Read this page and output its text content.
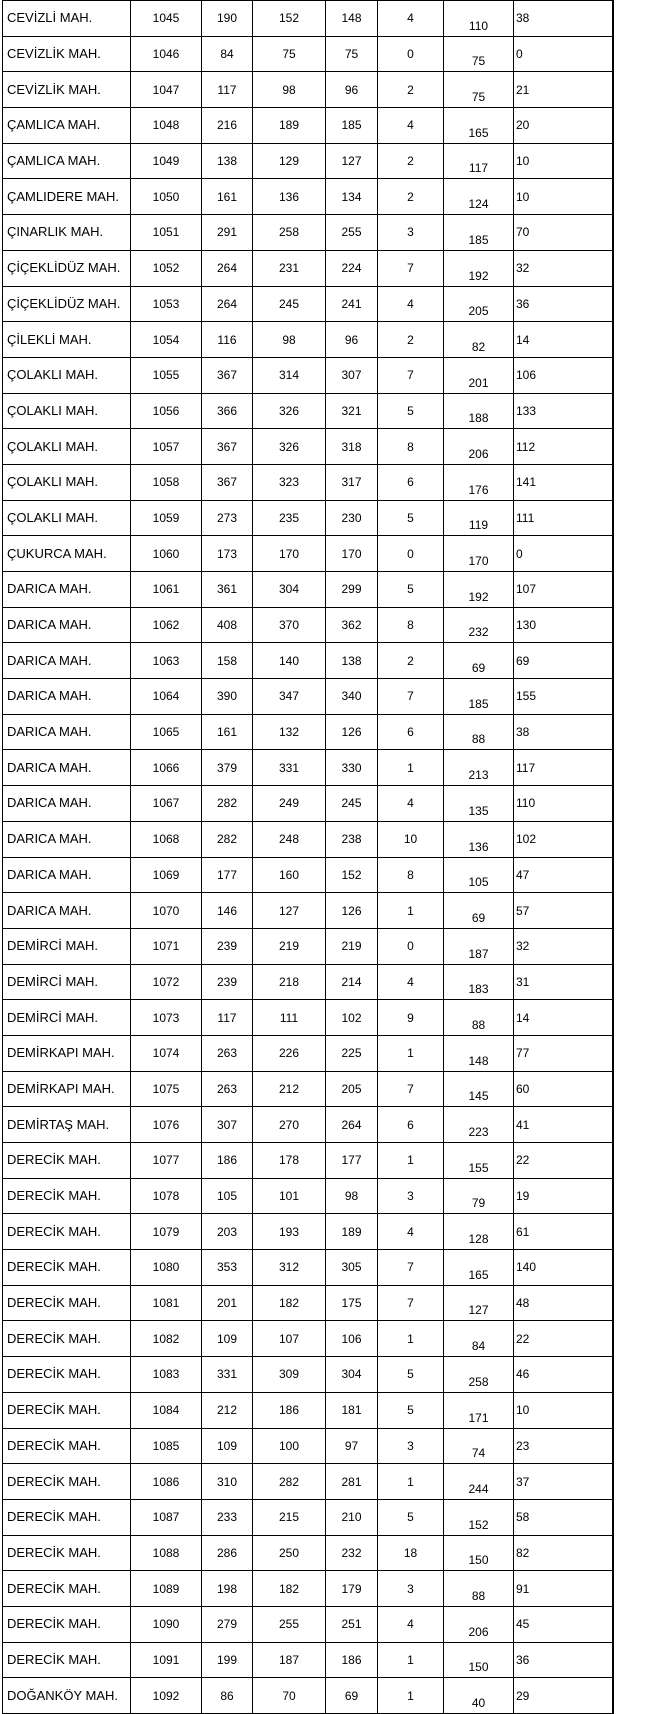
CEVİZLİ MAH.	1045	190	152	148	4	110	38
CEVİZLİK MAH.	1046	84	75	75	0	75	0
CEVİZLİK MAH.	1047	117	98	96	2	75	21
ÇAMLICA MAH.	1048	216	189	185	4	165	20
ÇAMLICA MAH.	1049	138	129	127	2	117	10
ÇAMLIDERE MAH.	1050	161	136	134	2	124	10
ÇINARLIK MAH.	1051	291	258	255	3	185	70
ÇİÇEKLİDÜZ MAH.	1052	264	231	224	7	192	32
ÇİÇEKLİDÜZ MAH.	1053	264	245	241	4	205	36
ÇİLEKLİ MAH.	1054	116	98	96	2	82	14
ÇOLAKLI MAH.	1055	367	314	307	7	201	106
ÇOLAKLI MAH.	1056	366	326	321	5	188	133
ÇOLAKLI MAH.	1057	367	326	318	8	206	112
ÇOLAKLI MAH.	1058	367	323	317	6	176	141
ÇOLAKLI MAH.	1059	273	235	230	5	119	111
ÇUKURCA MAH.	1060	173	170	170	0	170	0
DARICA MAH.	1061	361	304	299	5	192	107
DARICA MAH.	1062	408	370	362	8	232	130
DARICA MAH.	1063	158	140	138	2	69	69
DARICA MAH.	1064	390	347	340	7	185	155
DARICA MAH.	1065	161	132	126	6	88	38
DARICA MAH.	1066	379	331	330	1	213	117
DARICA MAH.	1067	282	249	245	4	135	110
DARICA MAH.	1068	282	248	238	10	136	102
DARICA MAH.	1069	177	160	152	8	105	47
DARICA MAH.	1070	146	127	126	1	69	57
DEMİRCİ MAH.	1071	239	219	219	0	187	32
DEMİRCİ MAH.	1072	239	218	214	4	183	31
DEMİRCİ MAH.	1073	117	111	102	9	88	14
DEMİRKAPI MAH.	1074	263	226	225	1	148	77
DEMİRKAPI MAH.	1075	263	212	205	7	145	60
DEMİRTAŞ MAH.	1076	307	270	264	6	223	41
DERECİK MAH.	1077	186	178	177	1	155	22
DERECİK MAH.	1078	105	101	98	3	79	19
DERECİK MAH.	1079	203	193	189	4	128	61
DERECİK MAH.	1080	353	312	305	7	165	140
DERECİK MAH.	1081	201	182	175	7	127	48
DERECİK MAH.	1082	109	107	106	1	84	22
DERECİK MAH.	1083	331	309	304	5	258	46
DERECİK MAH.	1084	212	186	181	5	171	10
DERECİK MAH.	1085	109	100	97	3	74	23
DERECİK MAH.	1086	310	282	281	1	244	37
DERECİK MAH.	1087	233	215	210	5	152	58
DERECİK MAH.	1088	286	250	232	18	150	82
DERECİK MAH.	1089	198	182	179	3	88	91
DERECİK MAH.	1090	279	255	251	4	206	45
DERECİK MAH.	1091	199	187	186	1	150	36
DOĞANKÖY MAH.	1092	86	70	69	1	40	29
